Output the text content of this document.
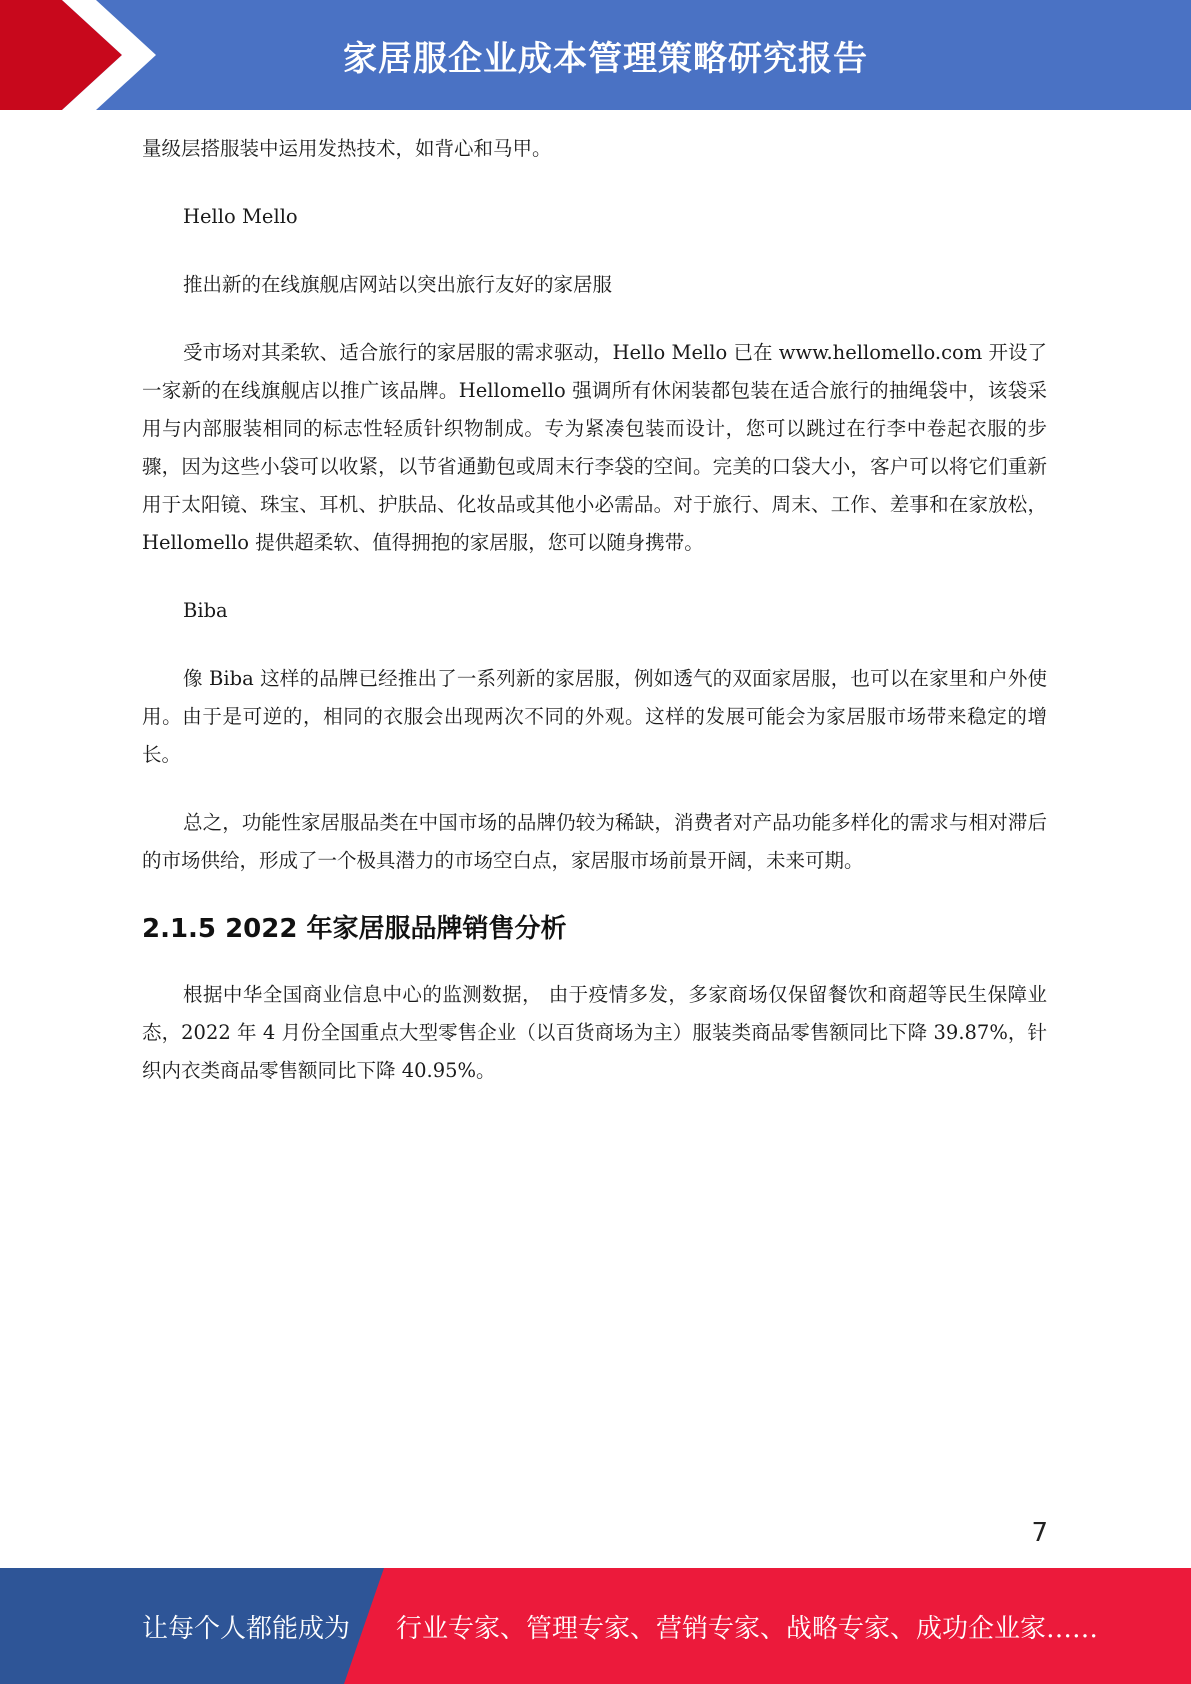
家居服企业成本管理策略研究报告

量级层搭服装中运用发热技术，如背心和马甲。

Hello Mello

推出新的在线旗舰店网站以突出旅行友好的家居服

受市场对其柔软、适合旅行的家居服的需求驱动，Hello Mello 已在 www.hellomello.com 开设了一家新的在线旗舰店以推广该品牌。Hellomello 强调所有休闲装都包装在适合旅行的抽绳袋中，该袋采用与内部服装相同的标志性轻质针织物制成。专为紧凑包装而设计，您可以跳过在行李中卷起衣服的步骤，因为这些小袋可以收紧，以节省通勤包或周末行李袋的空间。完美的口袋大小，客户可以将它们重新用于太阳镜、珠宝、耳机、护肤品、化妆品或其他小必需品。对于旅行、周末、工作、差事和在家放松，Hellomello 提供超柔软、值得拥抱的家居服，您可以随身携带。

Biba

像 Biba 这样的品牌已经推出了一系列新的家居服，例如透气的双面家居服，也可以在家里和户外使用。由于是可逆的，相同的衣服会出现两次不同的外观。这样的发展可能会为家居服市场带来稳定的增长。

总之，功能性家居服品类在中国市场的品牌仍较为稀缺，消费者对产品功能多样化的需求与相对滞后的市场供给，形成了一个极具潜力的市场空白点，家居服市场前景开阔，未来可期。

2.1.5 2022 年家居服品牌销售分析

根据中华全国商业信息中心的监测数据， 由于疫情多发，多家商场仅保留餐饮和商超等民生保障业态，2022 年 4 月份全国重点大型零售企业（以百货商场为主）服装类商品零售额同比下降 39.87%，针织内衣类商品零售额同比下降 40.95%。

7
让每个人都能成为 行业专家、管理专家、营销专家、战略专家、成功企业家……
